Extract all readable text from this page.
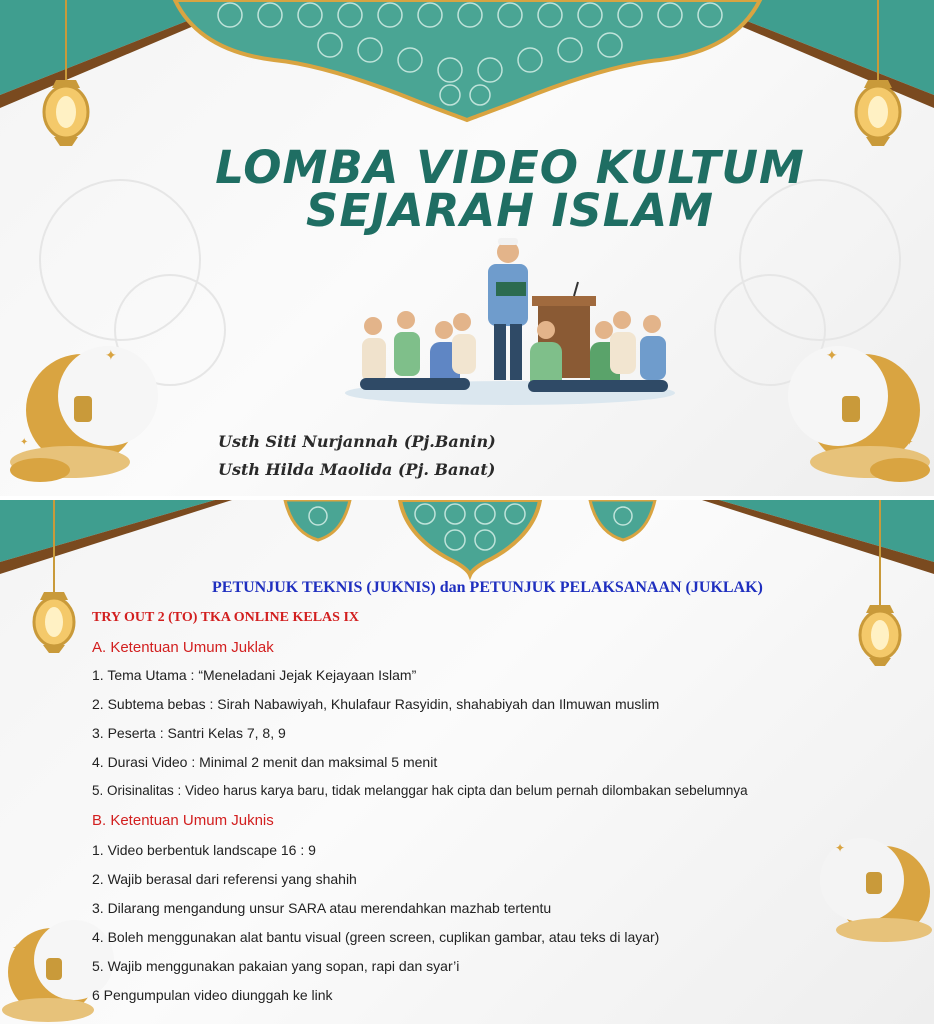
✦
✦
✦
✦
LOMBA VIDEO KULTUM
SEJARAH ISLAM
Usth Siti Nurjannah (Pj.Banin)
Usth Hilda Maolida (Pj. Banat)
✦
✦
PETUNJUK TEKNIS (JUKNIS) dan PETUNJUK PELAKSANAAN (JUKLAK)
TRY OUT 2 (TO) TKA ONLINE KELAS IX
A. Ketentuan Umum Juklak
1. Tema Utama : “Meneladani Jejak Kejayaan Islam”
2. Subtema bebas : Sirah Nabawiyah, Khulafaur Rasyidin, shahabiyah dan Ilmuwan muslim
3. Peserta : Santri Kelas 7, 8, 9
4. Durasi Video : Minimal 2 menit dan maksimal 5 menit
5. Orisinalitas : Video harus karya baru, tidak melanggar hak cipta dan belum pernah dilombakan sebelumnya
B. Ketentuan Umum Juknis
1. Video berbentuk landscape 16 : 9
2. Wajib berasal dari referensi yang shahih
3. Dilarang mengandung unsur SARA atau merendahkan mazhab tertentu
4. Boleh menggunakan alat bantu visual (green screen, cuplikan gambar, atau teks di layar)
5. Wajib menggunakan pakaian yang sopan, rapi dan syar’i
6 Pengumpulan video diunggah ke link
